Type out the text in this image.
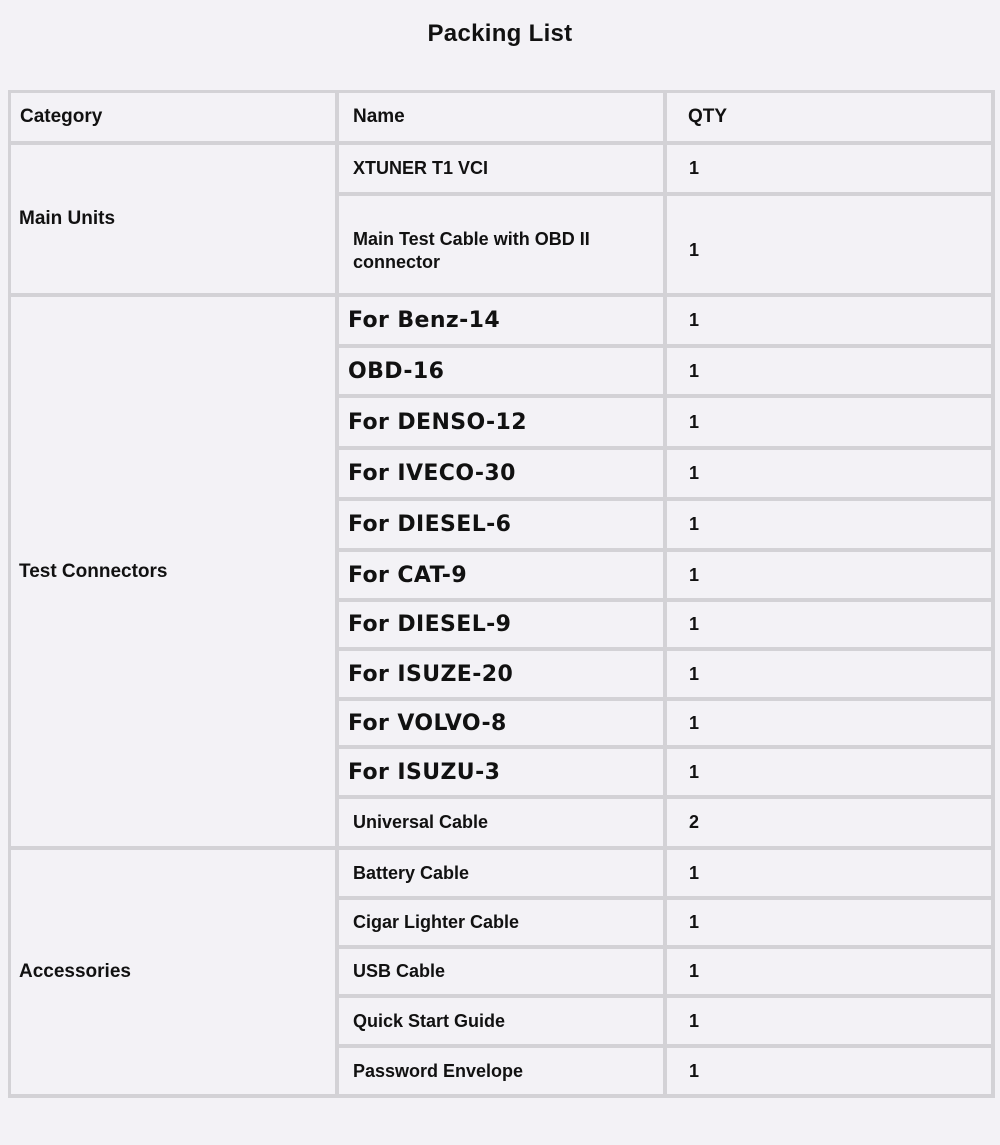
Packing List
Category	Name	QTY
Main Units	XTUNER T1 VCI	1
	Main Test Cable with OBD II connector	1
Test Connectors	For Benz-14	1
	OBD-16	1
	For DENSO-12	1
	For IVECO-30	1
	For DIESEL-6	1
	For CAT-9	1
	For DIESEL-9	1
	For ISUZE-20	1
	For VOLVO-8	1
	For ISUZU-3	1
	Universal Cable	2
Accessories	Battery Cable	1
	Cigar Lighter Cable	1
	USB Cable	1
	Quick Start Guide	1
	Password Envelope	1
